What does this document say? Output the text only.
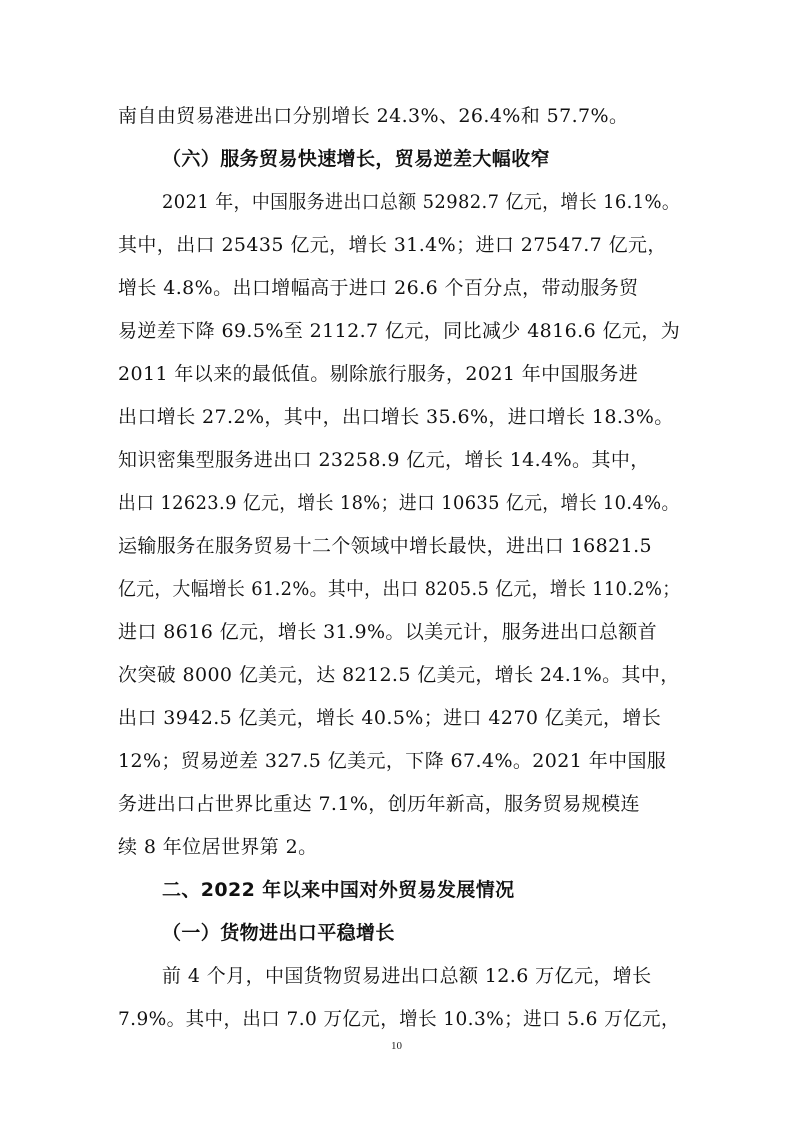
南自由贸易港进出口分别增长 24.3%、26.4%和 57.7%。
（六）服务贸易快速增长，贸易逆差大幅收窄
2021 年，中国服务进出口总额 52982.7 亿元，增长 16.1%。
其中，出口 25435 亿元，增长 31.4%；进口 27547.7 亿元，
增长 4.8%。出口增幅高于进口 26.6 个百分点，带动服务贸
易逆差下降 69.5%至 2112.7 亿元，同比减少 4816.6 亿元，为
2011 年以来的最低值。剔除旅行服务，2021 年中国服务进
出口增长 27.2%，其中，出口增长 35.6%，进口增长 18.3%。
知识密集型服务进出口 23258.9 亿元，增长 14.4%。其中，
出口 12623.9 亿元，增长 18%；进口 10635 亿元，增长 10.4%。
运输服务在服务贸易十二个领域中增长最快，进出口 16821.5
亿元，大幅增长 61.2%。其中，出口 8205.5 亿元，增长 110.2%；
进口 8616 亿元，增长 31.9%。以美元计，服务进出口总额首
次突破 8000 亿美元，达 8212.5 亿美元，增长 24.1%。其中，
出口 3942.5 亿美元，增长 40.5%；进口 4270 亿美元，增长
12%；贸易逆差 327.5 亿美元，下降 67.4%。2021 年中国服
务进出口占世界比重达 7.1%，创历年新高，服务贸易规模连
续 8 年位居世界第 2。
二、2022 年以来中国对外贸易发展情况
（一）货物进出口平稳增长
前 4 个月，中国货物贸易进出口总额 12.6 万亿元，增长
7.9%。其中，出口 7.0 万亿元，增长 10.3%；进口 5.6 万亿元，
10
